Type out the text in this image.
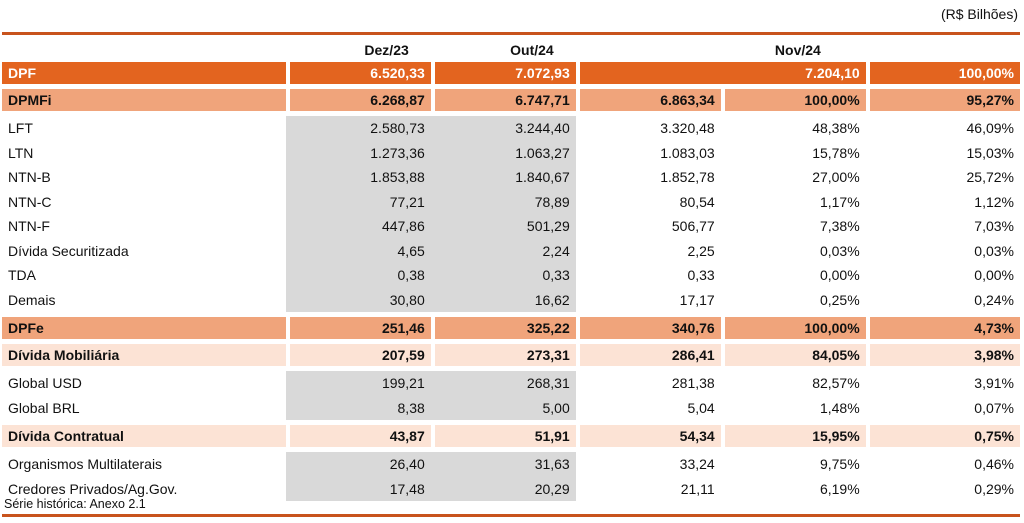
(R$ Bilhões)
	Dez/23	Out/24	Nov/24		
DPF	6.520,33	7.072,93	7.204,10		100,00%

DPMFi	6.268,87	6.747,71	6.863,34	100,00%	95,27%

LFT	2.580,73	3.244,40	3.320,48	48,38%	46,09%
LTN	1.273,36	1.063,27	1.083,03	15,78%	15,03%
NTN-B	1.853,88	1.840,67	1.852,78	27,00%	25,72%
NTN-C	77,21	78,89	80,54	1,17%	1,12%
NTN-F	447,86	501,29	506,77	7,38%	7,03%
Dívida Securitizada	4,65	2,24	2,25	0,03%	0,03%
TDA	0,38	0,33	0,33	0,00%	0,00%
Demais	30,80	16,62	17,17	0,25%	0,24%

DPFe	251,46	325,22	340,76	100,00%	4,73%

Dívida Mobiliária	207,59	273,31	286,41	84,05%	3,98%

Global USD	199,21	268,31	281,38	82,57%	3,91%
Global BRL	8,38	5,00	5,04	1,48%	0,07%

Dívida Contratual	43,87	51,91	54,34	15,95%	0,75%

Organismos Multilaterais	26,40	31,63	33,24	9,75%	0,46%
Credores Privados/Ag.Gov.	17,48	20,29	21,11	6,19%	0,29%
Série histórica: Anexo 2.1
